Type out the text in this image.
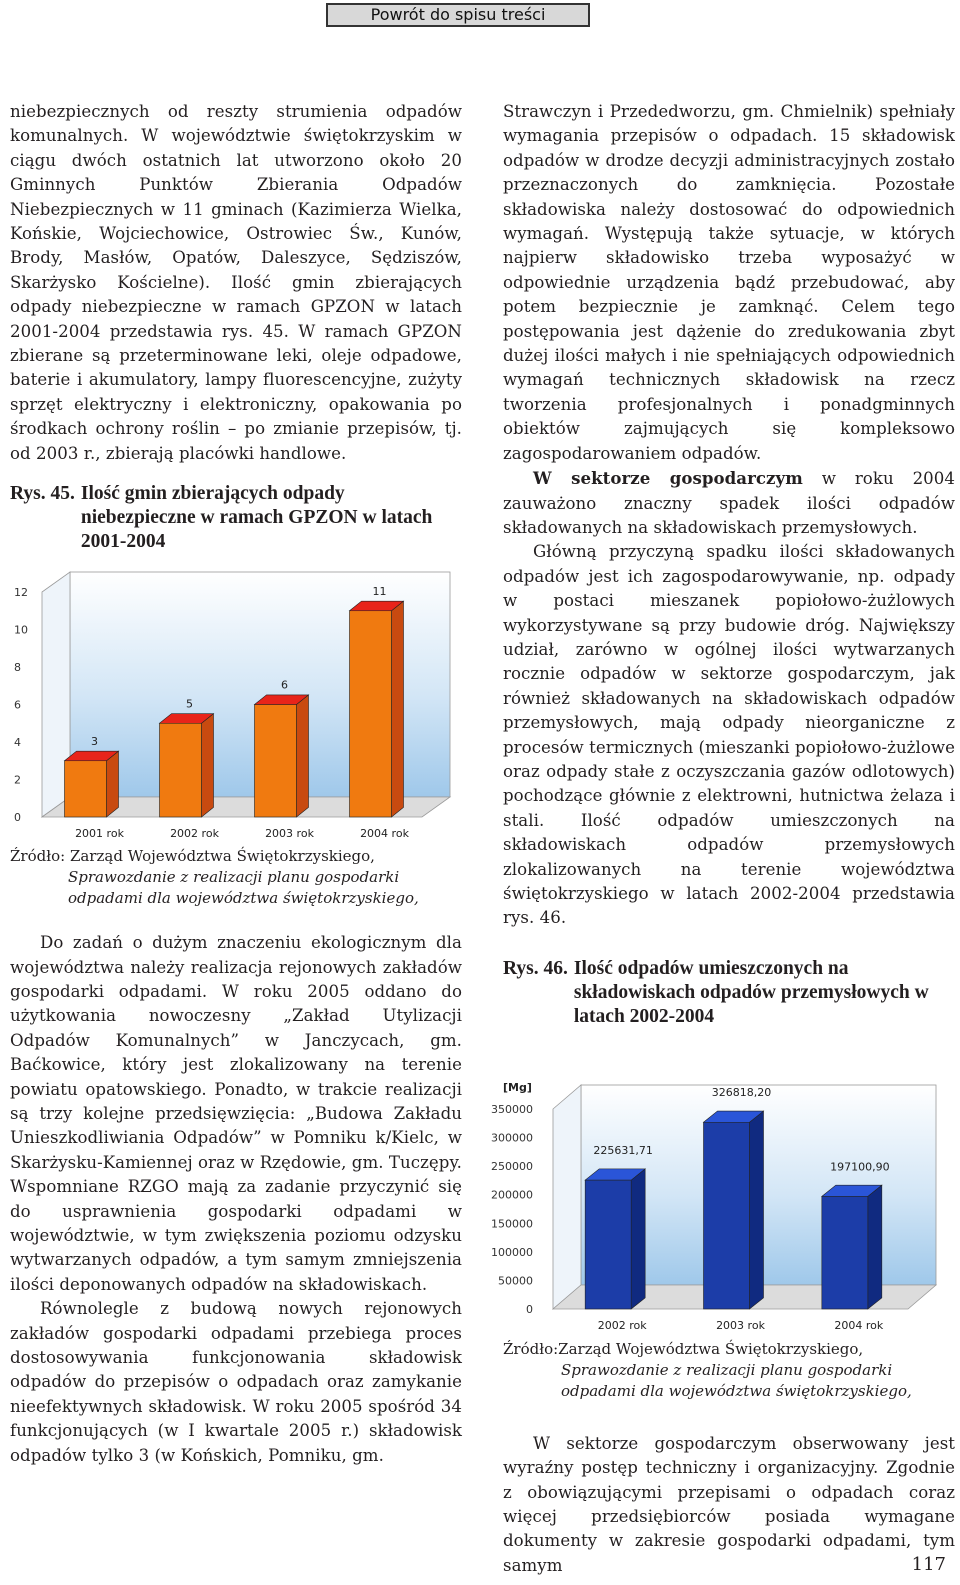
Powrót do spisu treści

niebezpiecznych od reszty strumienia odpadów komunalnych. W województwie świętokrzyskim w ciągu dwóch ostatnich lat utworzono około 20 Gminnych Punktów Zbierania Odpadów Niebezpiecznych w 11 gminach (Kazimierza Wielka, Końskie, Wojciechowice, Ostrowiec Św., Kunów, Brody, Masłów, Opatów, Daleszyce, Sędziszów, Skarżysko Kościelne). Ilość gmin zbierających odpady niebezpieczne w ramach GPZON w latach 2001-2004 przedstawia rys. 45. W ramach GPZON zbierane są przeterminowane leki, oleje odpadowe, baterie i akumulatory, lampy fluorescencyjne, zużyty sprzęt elektryczny i elektroniczny, opakowania po środkach ochrony roślin – po zmianie przepisów, tj. od 2003 r., zbierają placówki handlowe.

Rys. 45. Ilość gmin zbierających odpady niebezpieczne w ramach GPZON w latach 2001-2004
0
2
4
6
8
10
12
3
2001 rok
5
2002 rok
6
2003 rok
11
2004 rok

Źródło: Zarząd Województwa Świętokrzyskiego,
Sprawozdanie z realizacji planu gospodarki odpadami dla województwa świętokrzyskiego,

Do zadań o dużym znaczeniu ekologicznym dla województwa należy realizacja rejonowych zakładów gospodarki odpadami. W roku 2005 oddano do użytkowania nowoczesny „Zakład Utylizacji Odpadów Komunalnych” w Janczycach, gm. Baćkowice, który jest zlokalizowany na terenie powiatu opatowskiego. Ponadto, w trakcie realizacji są trzy kolejne przedsięwzięcia: „Budowa Zakładu Unieszkodliwiania Odpadów” w Pomniku k/Kielc, w Skarżysku-Kamiennej oraz w Rzędowie, gm. Tuczępy. Wspomniane RZGO mają za zadanie przyczynić się do usprawnienia gospodarki odpadami w województwie, w tym zwiększenia poziomu odzysku wytwarzanych odpadów, a tym samym zmniejszenia ilości deponowanych odpadów na składowiskach.

Równolegle z budową nowych rejonowych zakładów gospodarki odpadami przebiega proces dostosowywania funkcjonowania składowisk odpadów do przepisów o odpadach oraz zamykanie nieefektywnych składowisk. W roku 2005 spośród 34 funkcjonujących (w I kwartale 2005 r.) składowisk odpadów tylko 3 (w Końskich, Pomniku, gm.

Strawczyn i Przededworzu, gm. Chmielnik) spełniały wymagania przepisów o odpadach. 15 składowisk odpadów w drodze decyzji administracyjnych zostało przeznaczonych do zamknięcia. Pozostałe składowiska należy dostosować do odpowiednich wymagań. Występują także sytuacje, w których najpierw składowisko trzeba wyposażyć w odpowiednie urządzenia bądź przebudować, aby potem bezpiecznie je zamknąć. Celem tego postępowania jest dążenie do zredukowania zbyt dużej ilości małych i nie spełniających odpowiednich wymagań technicznych składowisk na rzecz tworzenia profesjonalnych i ponadgminnych obiektów zajmujących się kompleksowo zagospodarowaniem odpadów.

W sektorze gospodarczym w roku 2004 zauważono znaczny spadek ilości odpadów składowanych na składowiskach przemysłowych.

Główną przyczyną spadku ilości składowanych odpadów jest ich zagospodarowywanie, np. odpady w postaci mieszanek popiołowo-żużlowych wykorzystywane są przy budowie dróg. Największy udział, zarówno w ogólnej ilości wytwarzanych rocznie odpadów w sektorze gospodarczym, jak również składowanych na składowiskach odpadów przemysłowych, mają odpady nieorganiczne z procesów termicznych (mieszanki popiołowo-żużlowe oraz odpady stałe z oczyszczania gazów odlotowych) pochodzące głównie z elektrowni, hutnictwa żelaza i stali. Ilość odpadów umieszczonych na składowiskach odpadów przemysłowych zlokalizowanych na terenie województwa świętokrzyskiego w latach 2002-2004 przedstawia rys. 46.

Rys. 46. Ilość odpadów umieszczonych na składowiskach odpadów przemysłowych w latach 2002-2004
0
50000
100000
150000
200000
250000
300000
350000
[Mg]
225631,71
2002 rok
326818,20
2003 rok
197100,90
2004 rok

Źródło:Zarząd Województwa Świętokrzyskiego,
Sprawozdanie z realizacji planu gospodarki odpadami dla województwa świętokrzyskiego,

W sektorze gospodarczym obserwowany jest wyraźny postęp techniczny i organizacyjny. Zgodnie z obowiązującymi przepisami o odpadach coraz więcej przedsiębiorców posiada wymagane dokumenty w zakresie gospodarki odpadami, tym samym	117
